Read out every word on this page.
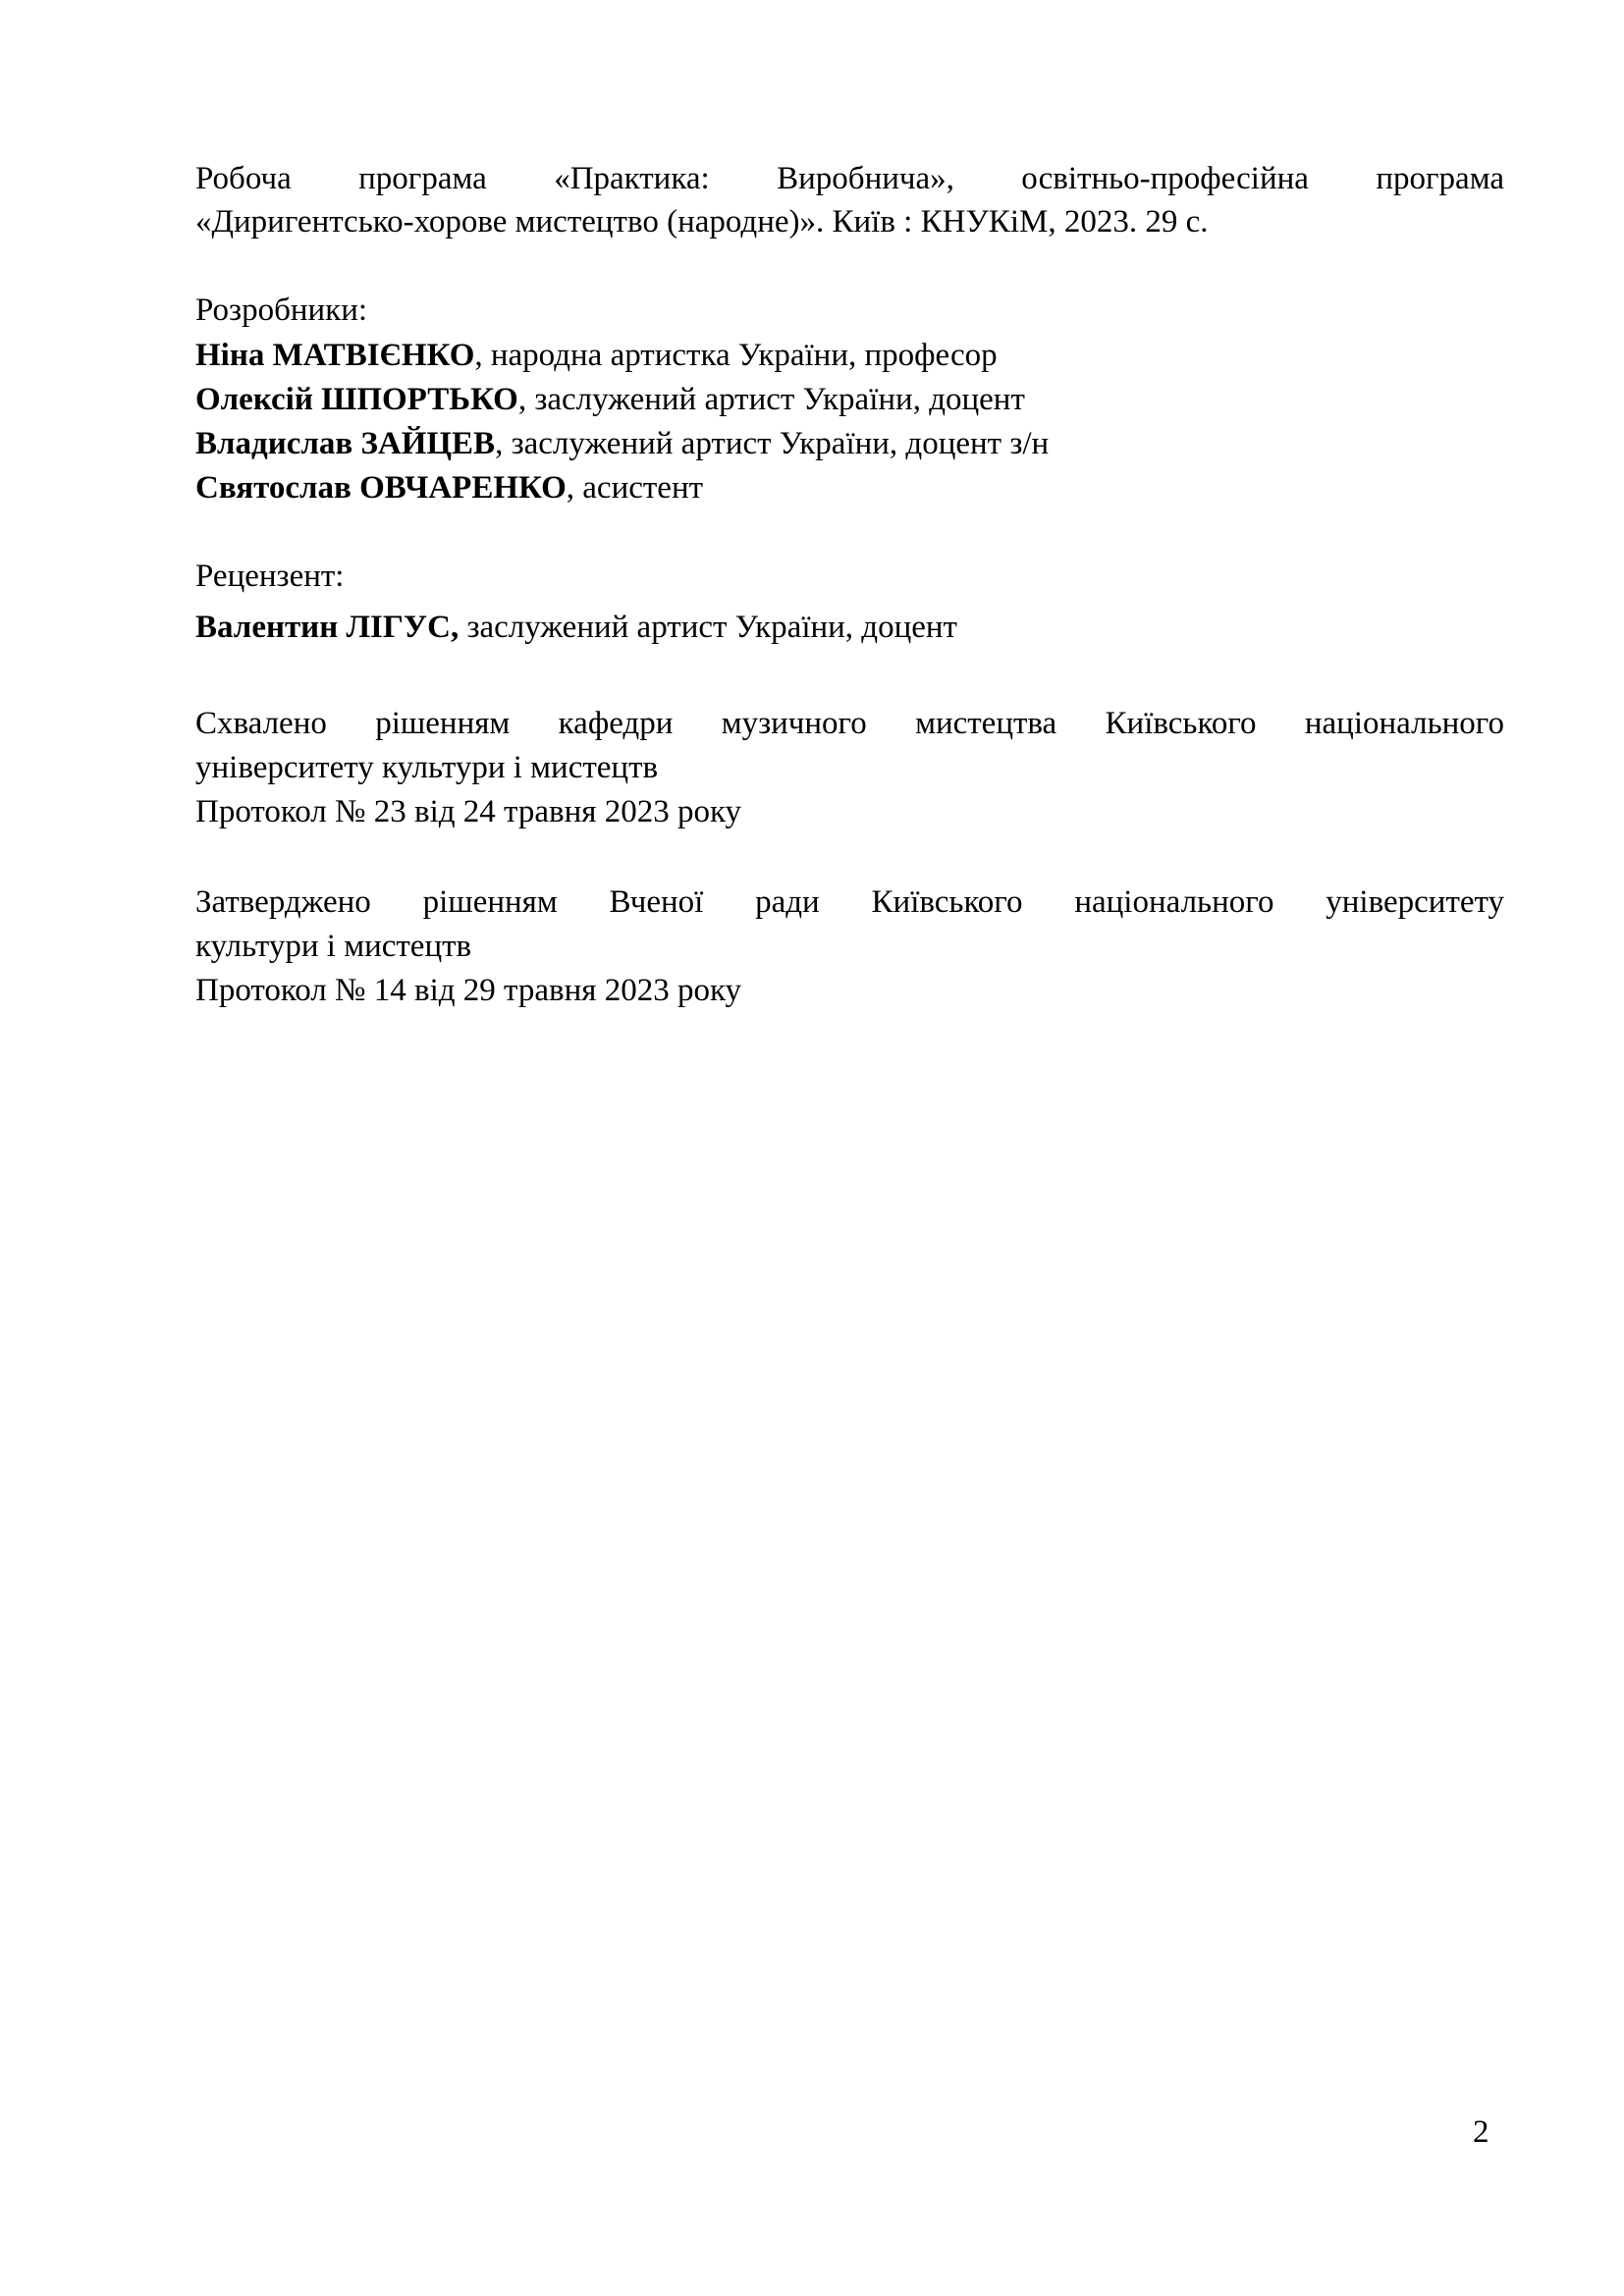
Робоча програма «Практика: Виробнича», освітньо-професійна програма
«Диригентсько-хорове мистецтво (народне)». Київ : КНУКіМ, 2023. 29 с.
Розробники:
Ніна МАТВІЄНКО, народна артистка України, професор
Олексій ШПОРТЬКО, заслужений артист України, доцент
Владислав ЗАЙЦЕВ, заслужений артист України, доцент з/н
Святослав ОВЧАРЕНКО, асистент
Рецензент:
Валентин ЛІГУС, заслужений артист України, доцент
Схвалено рішенням кафедри музичного мистецтва Київського національного
університету культури і мистецтв
Протокол № 23 від 24 травня 2023 року
Затверджено рішенням Вченої ради Київського національного університету
культури і мистецтв
Протокол № 14 від 29 травня 2023 року
2
